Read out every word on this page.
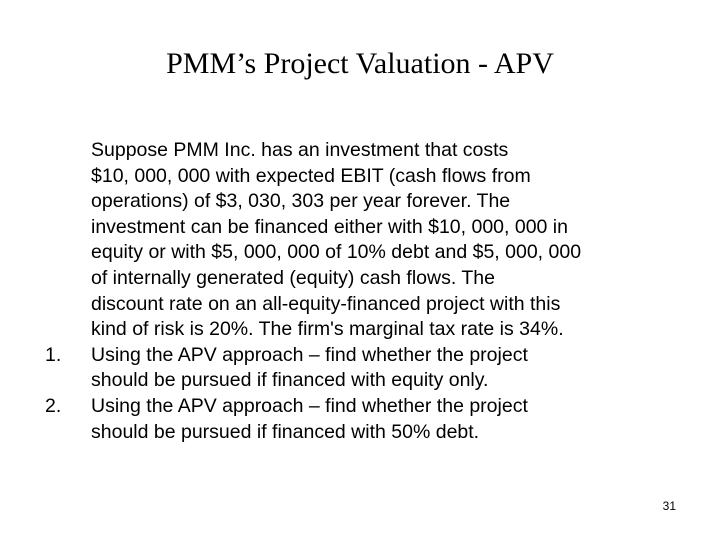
PMM’s Project Valuation - APV
Suppose PMM Inc. has an investment that costs
$10, 000, 000 with expected EBIT (cash flows from
operations) of $3, 030, 303 per year forever. The
investment can be financed either with $10, 000, 000 in
equity or with $5, 000, 000 of 10% debt and $5, 000, 000
of internally generated (equity) cash flows. The
discount rate on an all‐equity-financed project with this
kind of risk is 20%. The firm's marginal tax rate is 34%.
1. Using the APV approach – find whether the project
should be pursued if financed with equity only.
2. Using the APV approach – find whether the project
should be pursued if financed with 50% debt.
31
